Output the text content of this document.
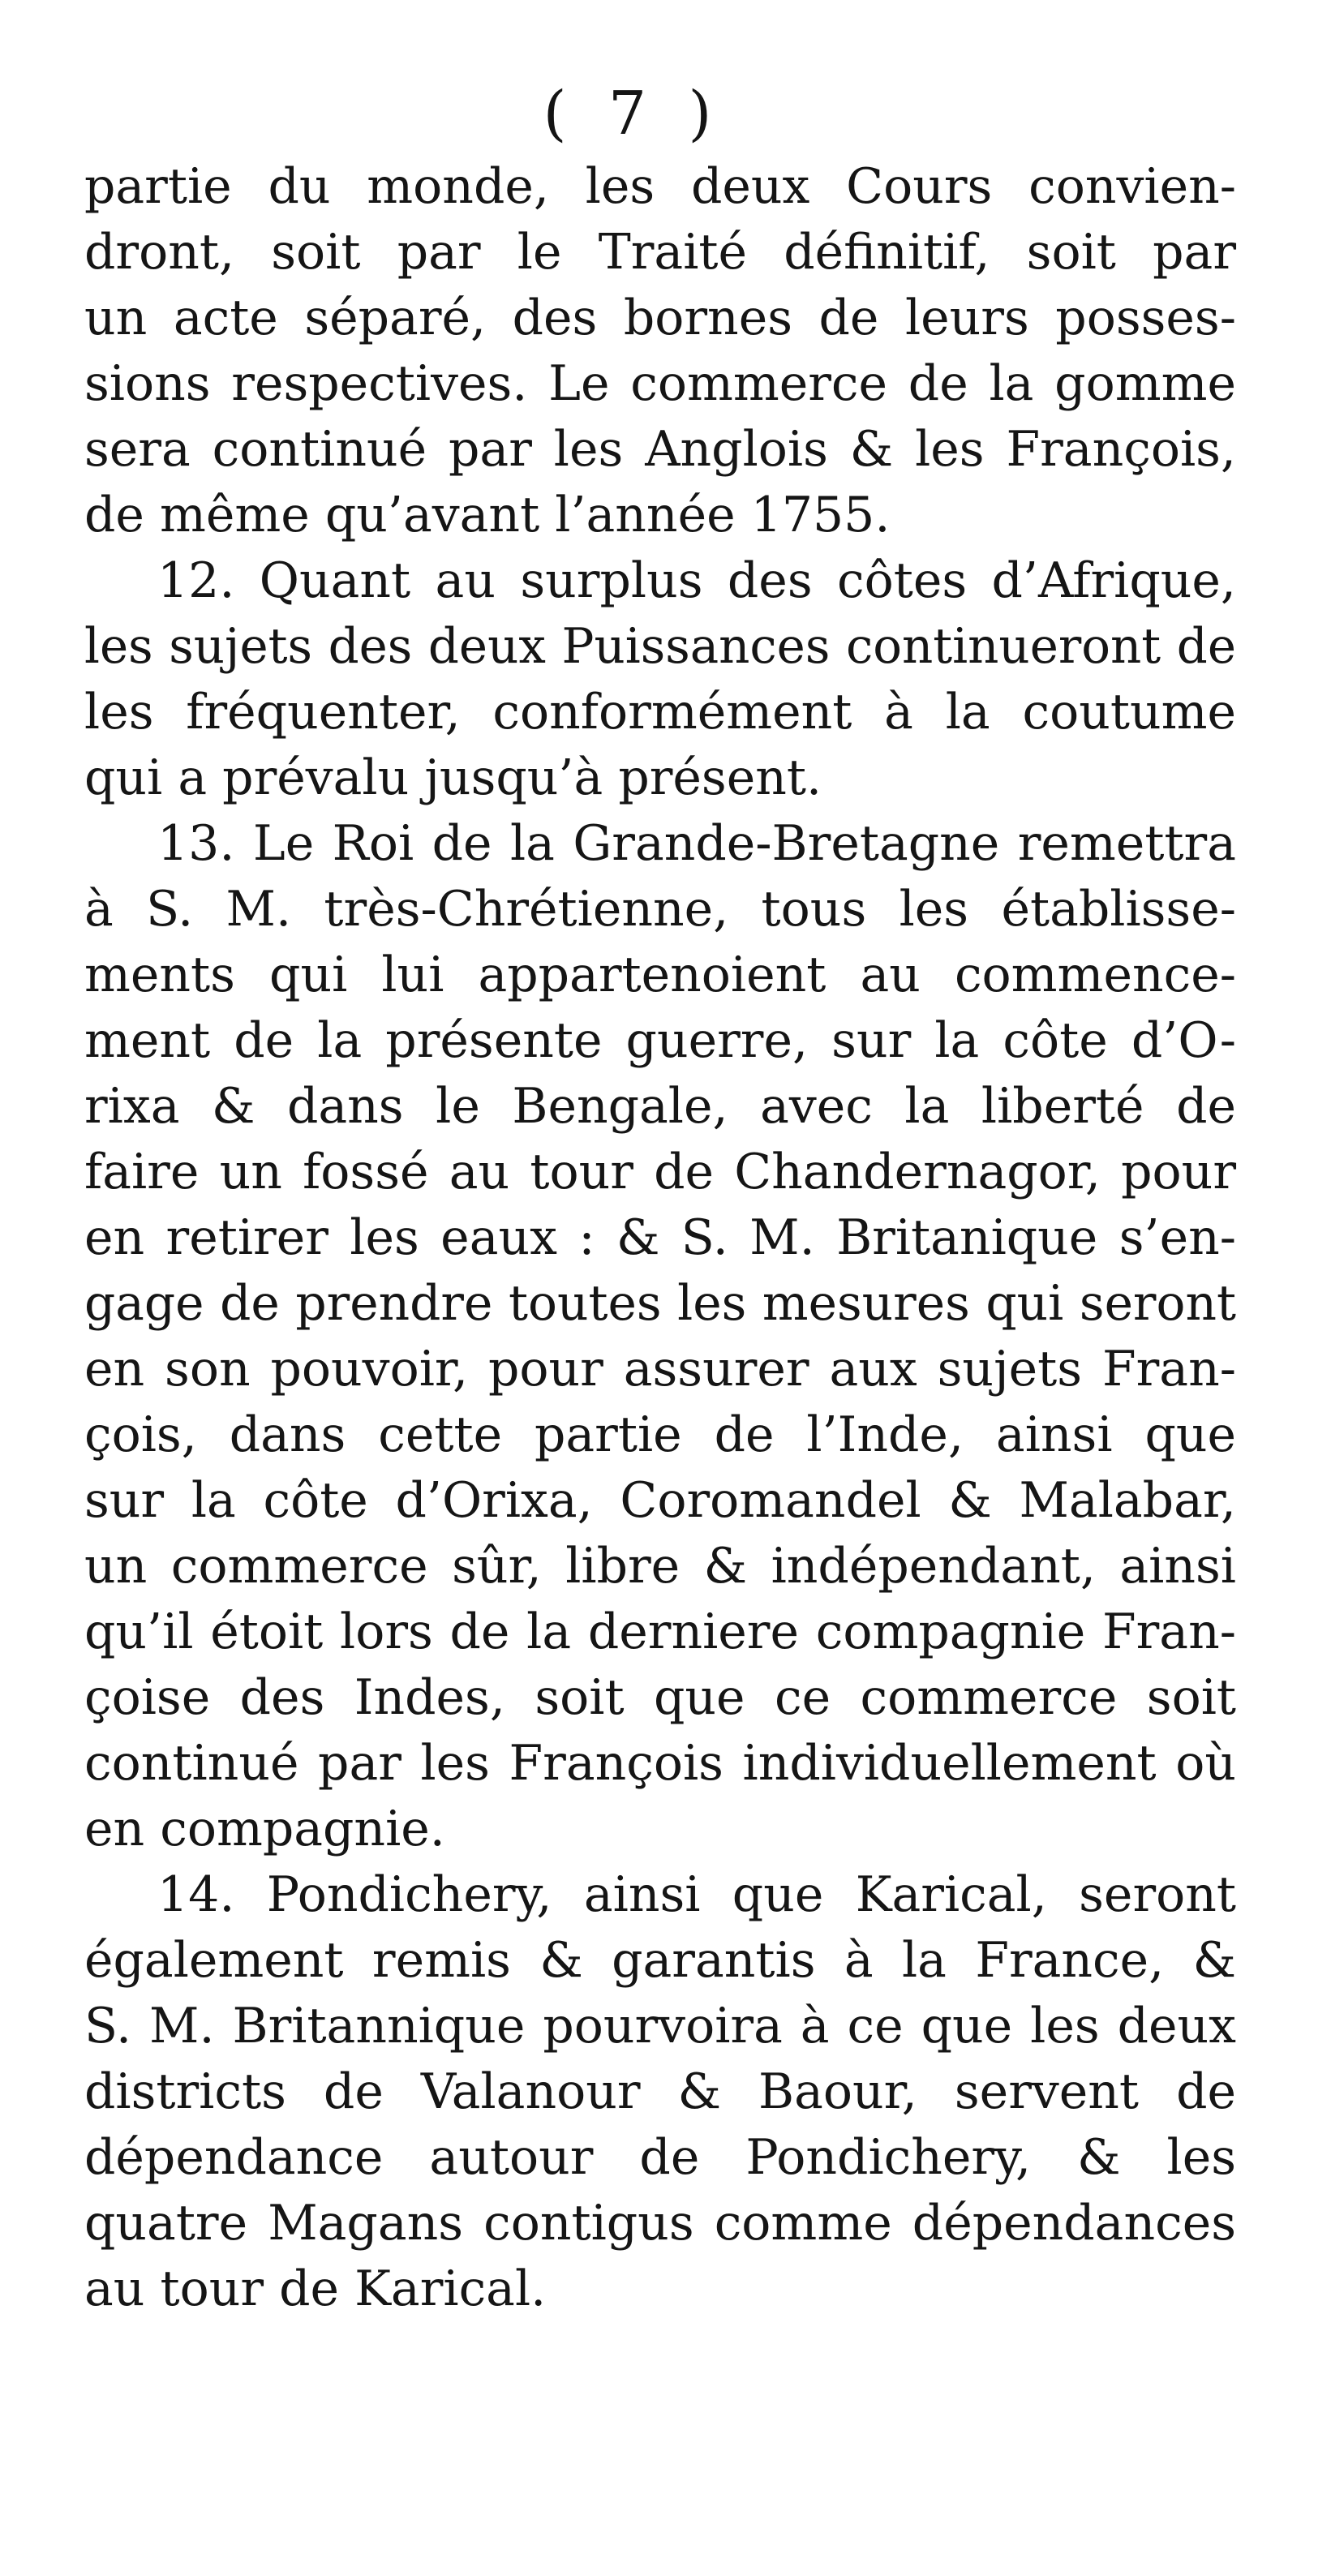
( 7 )
partie du monde, les deux Cours convien-
dront, soit par le Traité définitif, soit par
un acte séparé, des bornes de leurs posses-
sions respectives. Le commerce de la gomme
sera continué par les Anglois & les François,
de même qu’avant l’année 1755.
12. Quant au surplus des côtes d’Afrique,
les sujets des deux Puissances continueront de
les fréquenter, conformément à la coutume
qui a prévalu jusqu’à présent.
13. Le Roi de la Grande-Bretagne remettra
à S. M. très-Chrétienne, tous les établisse-
ments qui lui appartenoient au commence-
ment de la présente guerre, sur la côte d’O-
rixa & dans le Bengale, avec la liberté de
faire un fossé au tour de Chandernagor, pour
en retirer les eaux : & S. M. Britanique s’en-
gage de prendre toutes les mesures qui seront
en son pouvoir, pour assurer aux sujets Fran-
çois, dans cette partie de l’Inde, ainsi que
sur la côte d’Orixa, Coromandel & Malabar,
un commerce sûr, libre & indépendant, ainsi
qu’il étoit lors de la derniere compagnie Fran-
çoise des Indes, soit que ce commerce soit
continué par les François individuellement où
en compagnie.
14. Pondichery, ainsi que Karical, seront
également remis & garantis à la France, &
S. M. Britannique pourvoira à ce que les deux
districts de Valanour & Baour, servent de
dépendance autour de Pondichery, & les
quatre Magans contigus comme dépendances
au tour de Karical.
